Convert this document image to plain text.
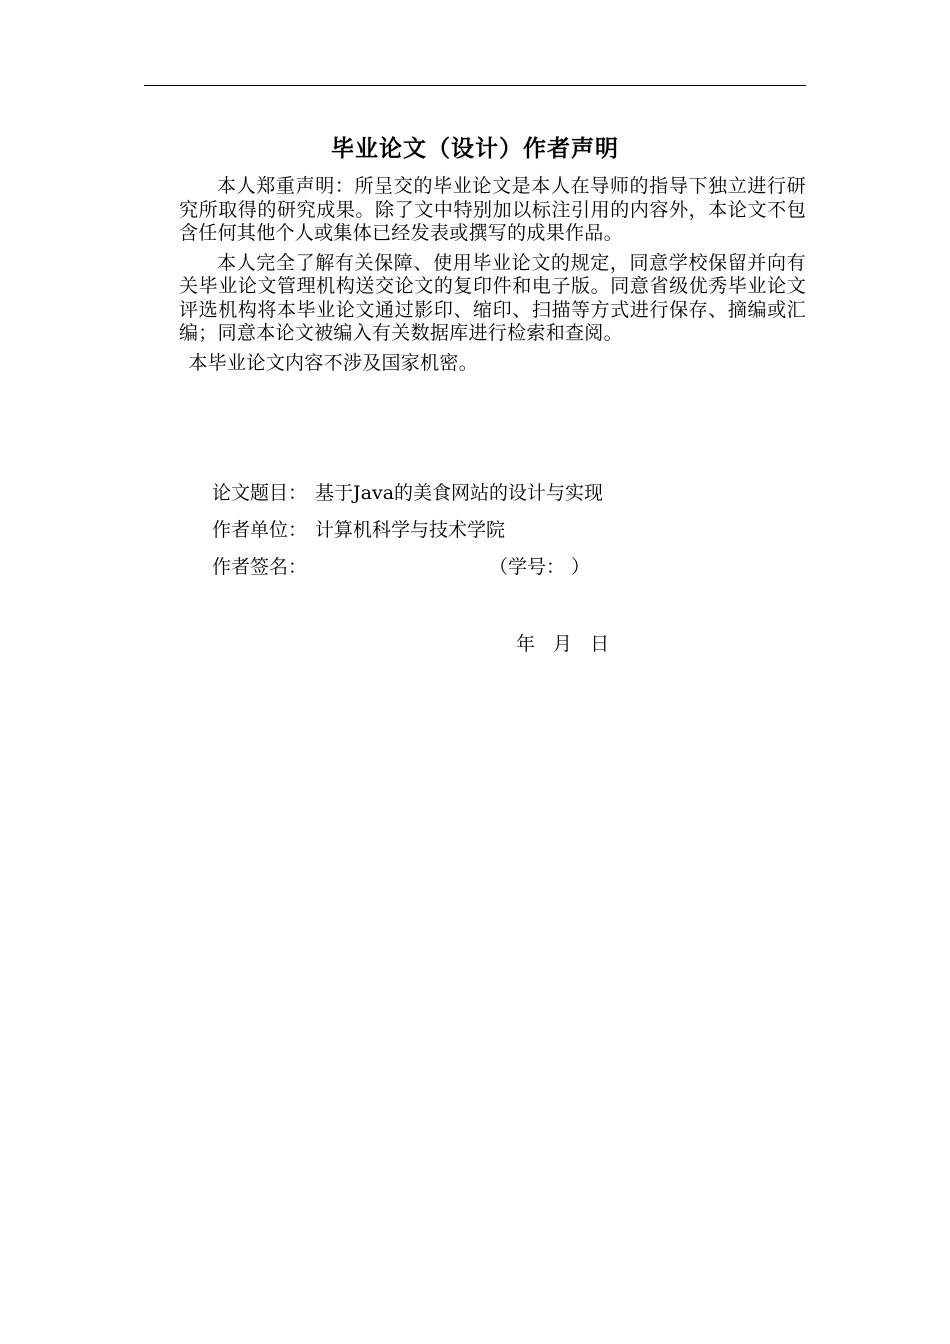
毕业论文（设计）作者声明

本人郑重声明：所呈交的毕业论文是本人在导师的指导下独立进行研究所取得的研究成果。除了文中特别加以标注引用的内容外，本论文不包含任何其他个人或集体已经发表或撰写的成果作品。

本人完全了解有关保障、使用毕业论文的规定，同意学校保留并向有关毕业论文管理机构送交论文的复印件和电子版。同意省级优秀毕业论文评选机构将本毕业论文通过影印、缩印、扫描等方式进行保存、摘编或汇编；同意本论文被编入有关数据库进行检索和查阅。

本毕业论文内容不涉及国家机密。

论文题目： 基于Java的美食网站的设计与实现
作者单位： 计算机科学与技术学院
作者签名：	（学号： ）
年 月 日
